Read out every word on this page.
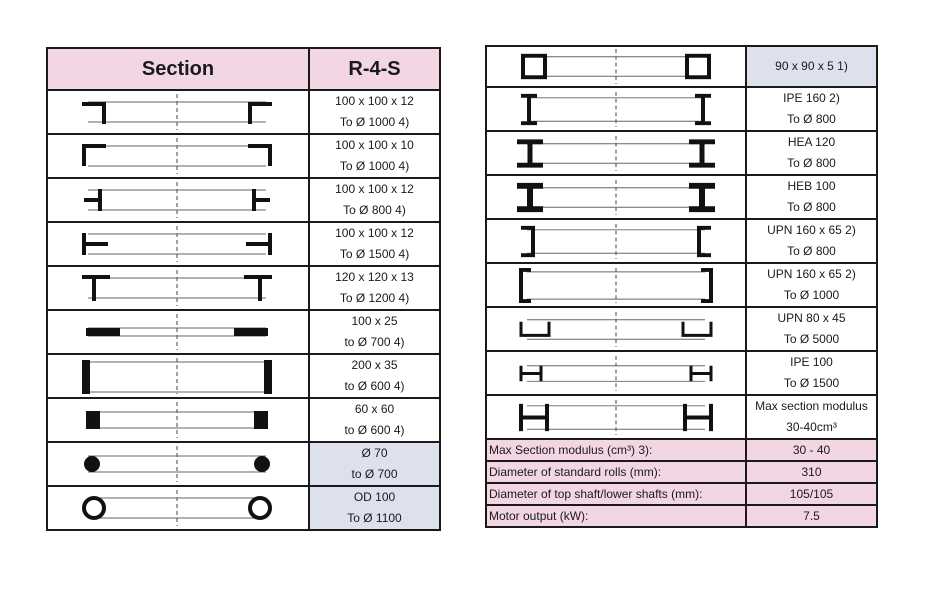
Section	R-4-S

100 x 100 x 12
To Ø 1000 4)

100 x 100 x 10
To Ø 1000 4)

100 x 100 x 12
To Ø 800 4)

100 x 100 x 12
To Ø 1500 4)

120 x 120 x 13
To Ø 1200 4)

100 x 25
to Ø 700 4)

200 x 35
to Ø 600 4)

60 x 60
to Ø 600 4)

Ø 70
to Ø 700

OD 100
To Ø 1100

90 x 90 x 5 1)

IPE 160 2)
To Ø 800

HEA 120
To Ø 800

HEB 100
To Ø 800

UPN 160 x 65 2)
To Ø 800

UPN 160 x 65 2)
To Ø 1000

UPN 80 x 45
To Ø 5000

IPE 100
To Ø 1500

Max section modulus
30-40cm³

Max Section modulus (cm³) 3):	30 - 40
Diameter of standard rolls (mm):	310
Diameter of top shaft/lower shafts (mm):	105/105
Motor output (kW):	7.5
